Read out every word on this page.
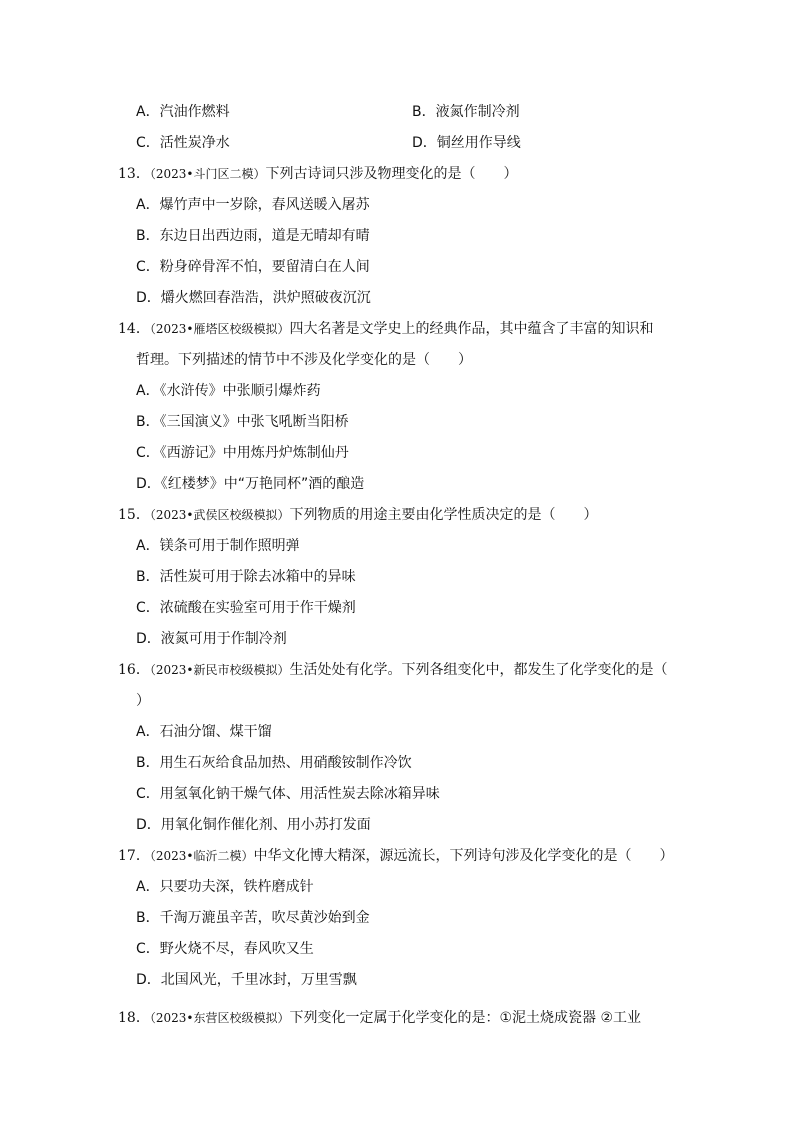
A．汽油作燃料	B．液氮作制冷剂
C．活性炭净水	D．铜丝用作导线
13．（2023•斗门区二模）下列古诗词只涉及物理变化的是（　　）
A．爆竹声中一岁除，春风送暖入屠苏
B．东边日出西边雨，道是无晴却有晴
C．粉身碎骨浑不怕，要留清白在人间
D．爝火燃回春浩浩，洪炉照破夜沉沉
14．（2023•雁塔区校级模拟）四大名著是文学史上的经典作品，其中蕴含了丰富的知识和
哲理。下列描述的情节中不涉及化学变化的是（　　）
A．《水浒传》中张顺引爆炸药
B．《三国演义》中张飞吼断当阳桥
C．《西游记》中用炼丹炉炼制仙丹
D．《红楼梦》中“万艳同杯”酒的酿造
15．（2023•武侯区校级模拟）下列物质的用途主要由化学性质决定的是（　　）
A．镁条可用于制作照明弹
B．活性炭可用于除去冰箱中的异味
C．浓硫酸在实验室可用于作干燥剂
D．液氮可用于作制冷剂
16．（2023•新民市校级模拟）生活处处有化学。下列各组变化中，都发生了化学变化的是（
）
A．石油分馏、煤干馏
B．用生石灰给食品加热、用硝酸铵制作冷饮
C．用氢氧化钠干燥气体、用活性炭去除冰箱异味
D．用氧化铜作催化剂、用小苏打发面
17．（2023•临沂二模）中华文化博大精深，源远流长，下列诗句涉及化学变化的是（　　）
A．只要功夫深，铁杵磨成针
B．千淘万漉虽辛苦，吹尽黄沙始到金
C．野火烧不尽，春风吹又生
D．北国风光，千里冰封，万里雪飘
18．（2023•东营区校级模拟）下列变化一定属于化学变化的是：①泥土烧成瓷器 ②工业
